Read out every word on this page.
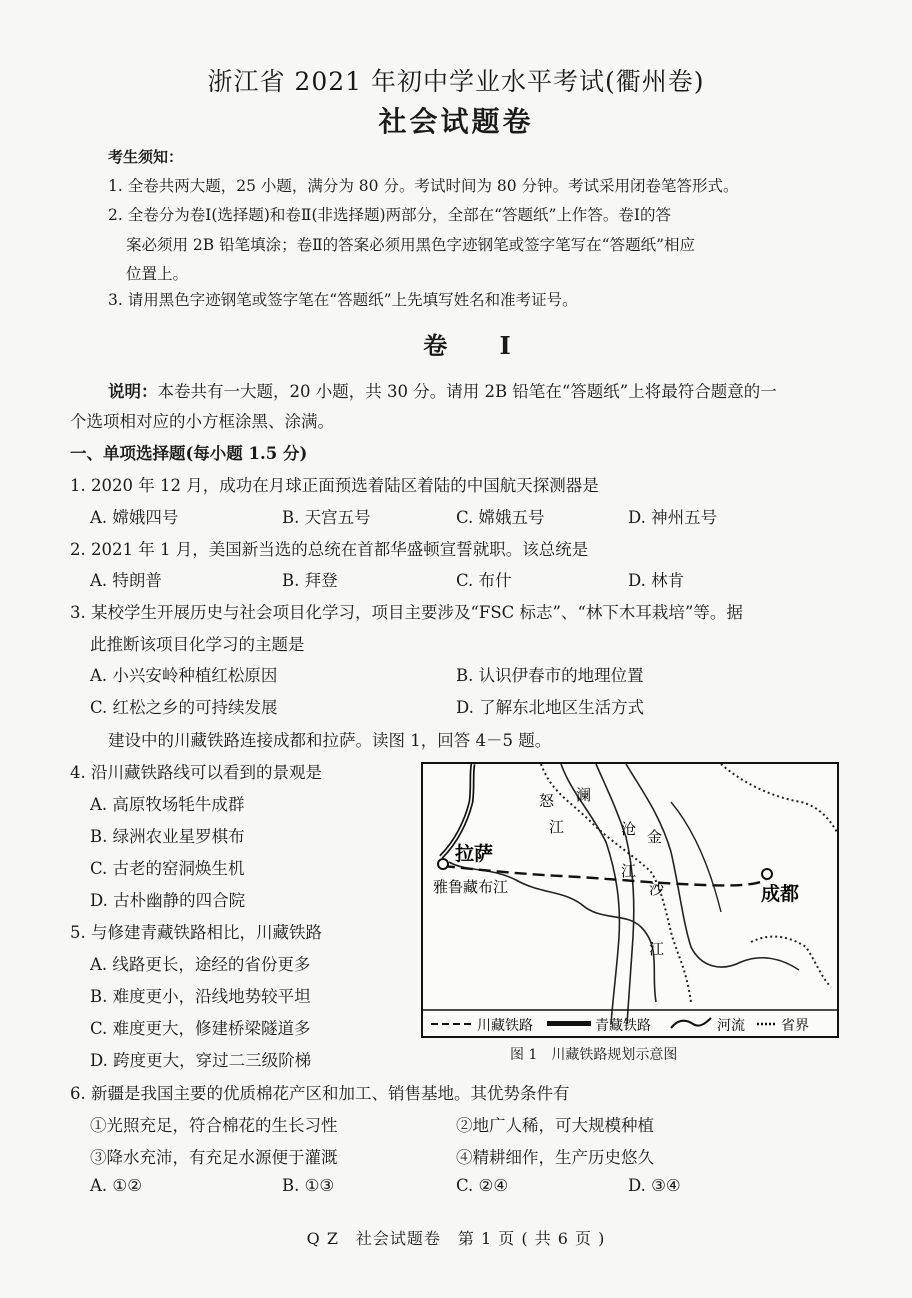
浙江省 2021 年初中学业水平考试(衢州卷)
社会试题卷
考生须知：
1. 全卷共两大题，25 小题，满分为 80 分。考试时间为 80 分钟。考试采用闭卷笔答形式。
2. 全卷分为卷Ⅰ(选择题)和卷Ⅱ(非选择题)两部分，全部在“答题纸”上作答。卷Ⅰ的答
案必须用 2B 铅笔填涂；卷Ⅱ的答案必须用黑色字迹钢笔或签字笔写在“答题纸”相应
位置上。
3. 请用黑色字迹钢笔或签字笔在“答题纸”上先填写姓名和准考证号。
卷 Ⅰ
说明：本卷共有一大题，20 小题，共 30 分。请用 2B 铅笔在“答题纸”上将最符合题意的一
个选项相对应的小方框涂黑、涂满。
一、单项选择题(每小题 1.5 分)
1. 2020 年 12 月，成功在月球正面预选着陆区着陆的中国航天探测器是
A. 嫦娥四号	B. 天宫五号	C. 嫦娥五号	D. 神州五号
2. 2021 年 1 月，美国新当选的总统在首都华盛顿宣誓就职。该总统是
A. 特朗普	B. 拜登	C. 布什	D. 林肯
3. 某校学生开展历史与社会项目化学习，项目主要涉及“FSC 标志”、“林下木耳栽培”等。据
此推断该项目化学习的主题是
A. 小兴安岭种植红松原因	B. 认识伊春市的地理位置
C. 红松之乡的可持续发展	D. 了解东北地区生活方式
建设中的川藏铁路连接成都和拉萨。读图 1，回答 4－5 题。
4. 沿川藏铁路线可以看到的景观是
A. 高原牧场牦牛成群
B. 绿洲农业星罗棋布
C. 古老的窑洞焕生机
D. 古朴幽静的四合院
5. 与修建青藏铁路相比，川藏铁路
A. 线路更长，途经的省份更多
B. 难度更小，沿线地势较平坦
C. 难度更大，修建桥梁隧道多
D. 跨度更大，穿过二三级阶梯
拉萨
成都
雅鲁藏布江
怒
江
澜
沧
江
金
沙
江
川藏铁路	青藏铁路	河流	省界
图 1　川藏铁路规划示意图
6. 新疆是我国主要的优质棉花产区和加工、销售基地。其优势条件有
①光照充足，符合棉花的生长习性	②地广人稀，可大规模种植
③降水充沛，有充足水源便于灌溉	④精耕细作，生产历史悠久
A. ①②	B. ①③	C. ②④	D. ③④
Q Z　社会试题卷　第 1 页 ( 共 6 页 )
